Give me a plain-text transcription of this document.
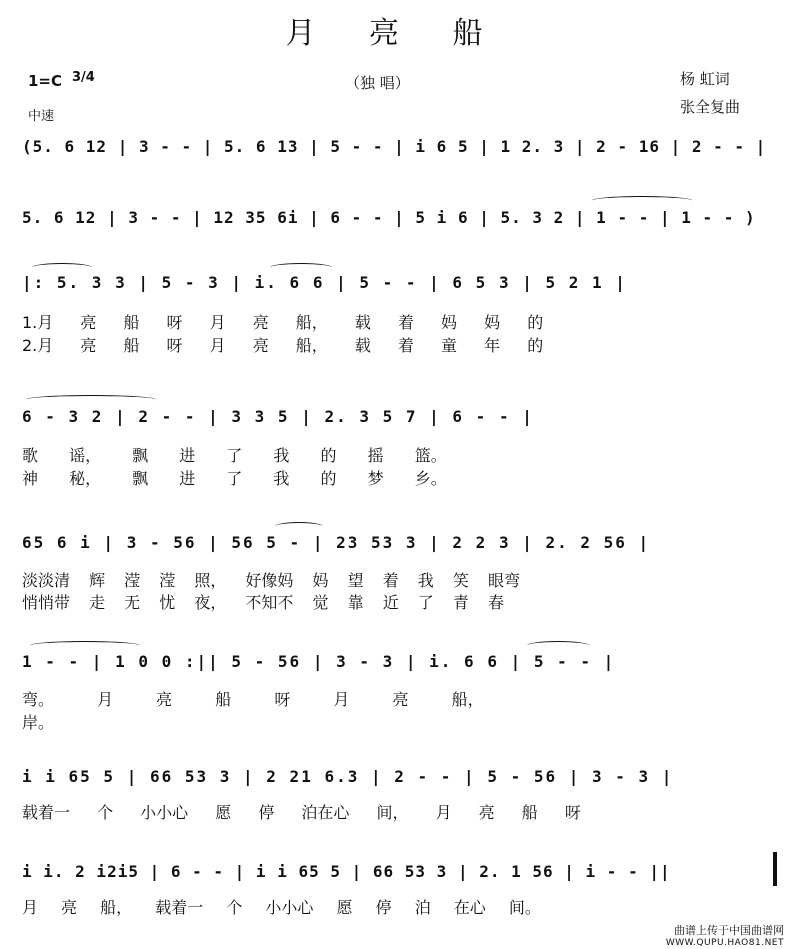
月 亮 船
1=C 3/4
中速
（独 唱）	杨 虹词
张全复曲
(5. 6 12 | 3 - - | 5. 6 13 | 5 - - | i 6 5 | 1 2. 3 | 2 - 16 | 2 - - |
5. 6 12 | 3 - - | 12 35 6i | 6 - - | 5 i 6 | 5. 3 2 | 1 - - | 1 - - )
|: 5. 3 3 | 5 - 3 | i. 6 6 | 5 - - | 6 5 3 | 5 2 1 |
1.月 亮 船 呀 月 亮 船， 载 着 妈 妈 的
2.月 亮 船 呀 月 亮 船， 载 着 童 年 的
6 - 3 2 | 2 - - | 3 3 5 | 2. 3 5 7 | 6 - - |
歌 谣， 飘 进 了 我 的 摇 篮。
神 秘， 飘 进 了 我 的 梦 乡。
65 6 i | 3 - 56 | 56 5 - | 23 53 3 | 2 2 3 | 2. 2 56 |
淡淡清 辉 滢 滢 照， 好像妈 妈 望 着 我 笑 眼弯
悄悄带 走 无 忧 夜， 不知不 觉 靠 近 了 青 春
1 - - | 1 0 0 :|| 5 - 56 | 3 - 3 | i. 6 6 | 5 - - |
弯。 月 亮 船 呀 月 亮 船，
岸。
i i 65 5 | 66 53 3 | 2 21 6.3 | 2 - - | 5 - 56 | 3 - 3 |
载着一 个 小小心 愿 停 泊在心 间， 月 亮 船 呀
i i. 2 i2i5 | 6 - - | i i 65 5 | 66 53 3 | 2. 1 56 | i - - ||
月 亮 船， 载着一 个 小小心 愿 停 泊 在心 间。
曲谱上传于中国曲谱网
WWW.QUPU.HAO81.NET
